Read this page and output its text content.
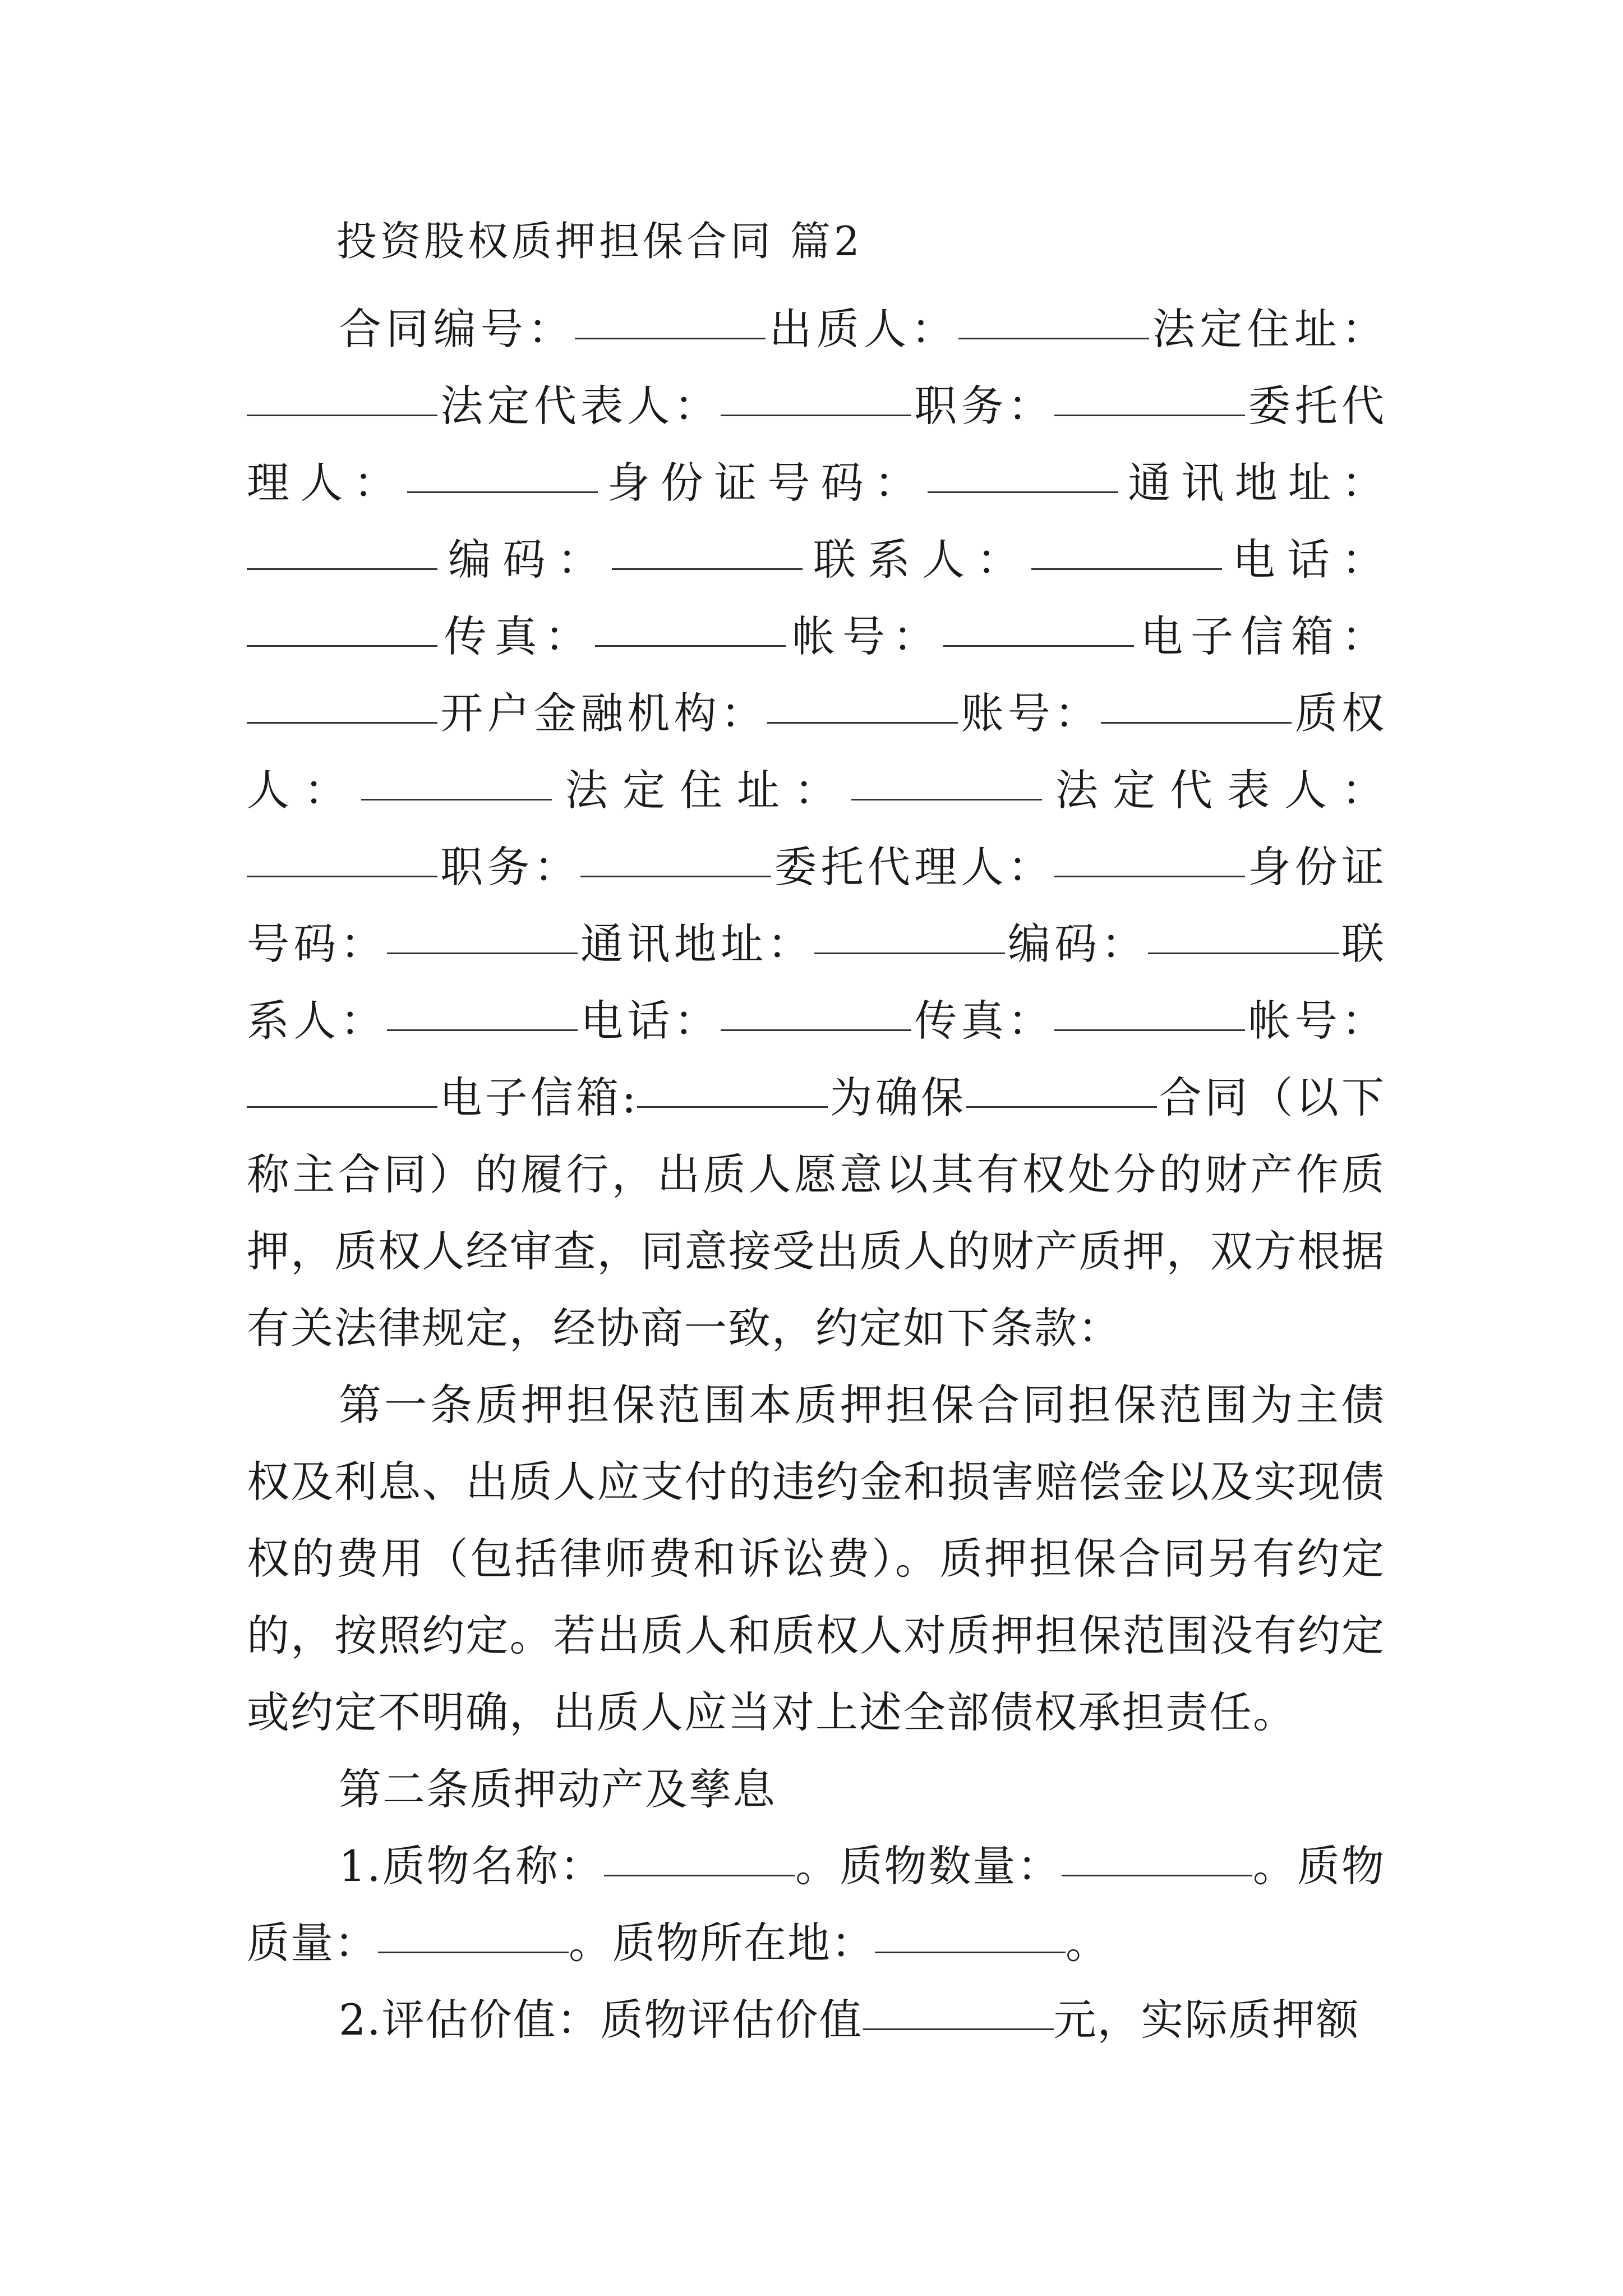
投资股权质押担保合同 篇2

合同编号：	出质人：	法定住址：法定代表人：	职务：	委托代理人：	身份证号码：	通讯地址：编码：	联系人：	电话：传真：	帐号：	电子信箱：开户金融机构：	账号：	质权人：	法定住址：	法定代表人：职务：	委托代理人：	身份证号码：	通讯地址：	编码：	联系人：	电话：	传真：	帐号：电子信箱:	为确保	合同（以下称主合同）的履行，出质人愿意以其有权处分的财产作质押，质权人经审查，同意接受出质人的财产质押，双方根据有关法律规定，经协商一致，约定如下条款：

第一条质押担保范围本质押担保合同担保范围为主债权及利息、出质人应支付的违约金和损害赔偿金以及实现债权的费用（包括律师费和诉讼费）。质押担保合同另有约定的，按照约定。若出质人和质权人对质押担保范围没有约定或约定不明确，出质人应当对上述全部债权承担责任。

第二条质押动产及孳息

1.质物名称：	。质物数量：	。质物质量：	。质物所在地：	。

2.评估价值：质物评估价值	元，实际质押额
